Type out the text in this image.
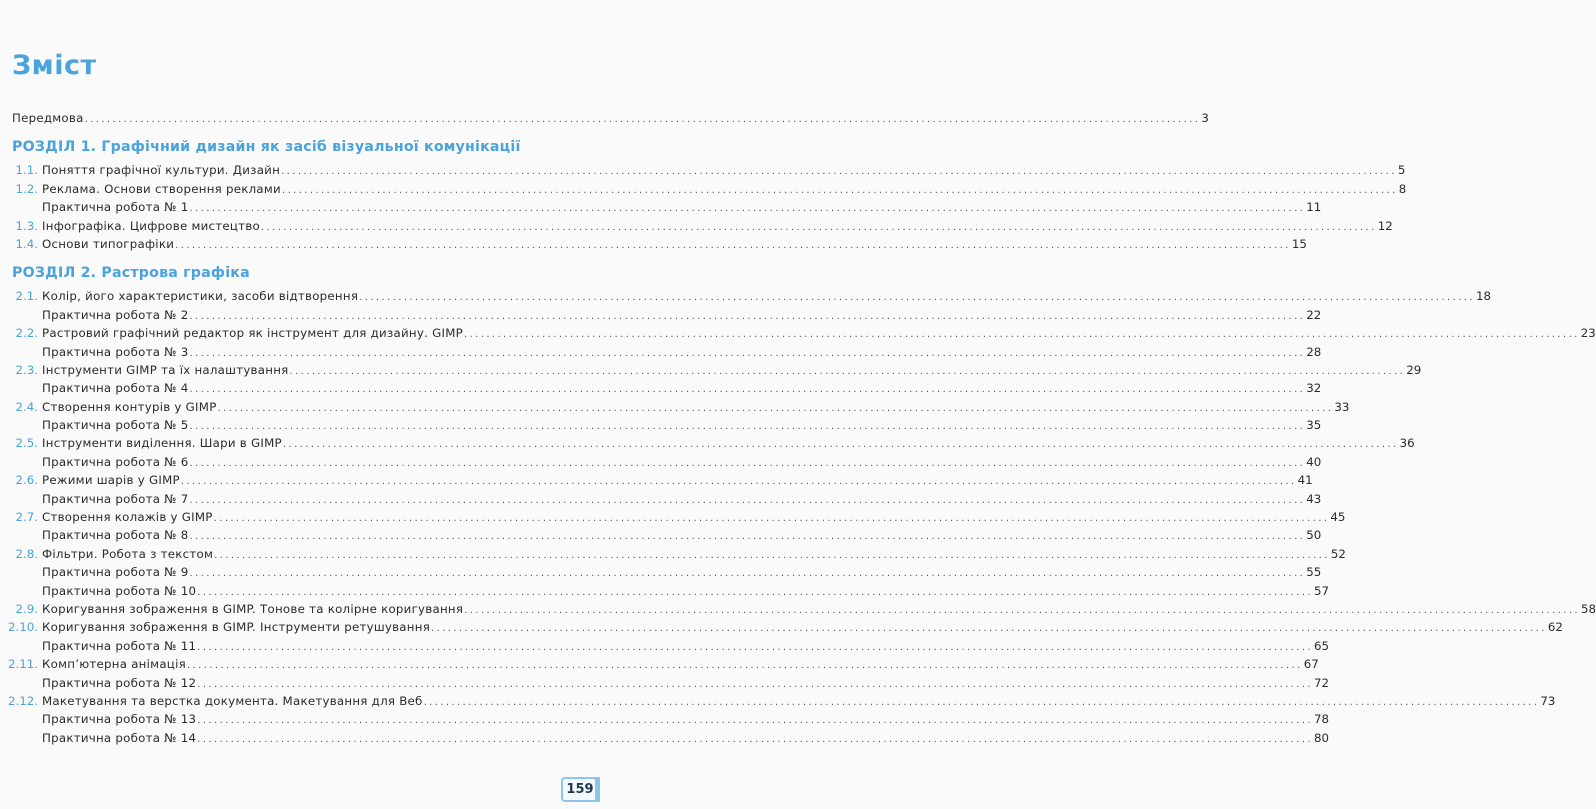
Зміст
Передмова ........................................................................................................................................................................................................ 3
РОЗДІЛ 1. Графічний дизайн як засіб візуальної комунікації
1.1. Поняття графічної культури. Дизайн ........................................................................................................................................................................................................ 5
1.2. Реклама. Основи створення реклами ........................................................................................................................................................................................................ 8
Практична робота № 1 ........................................................................................................................................................................................................ 11
1.3. Інфографіка. Цифрове мистецтво ........................................................................................................................................................................................................ 12
1.4. Основи типографіки ........................................................................................................................................................................................................ 15
РОЗДІЛ 2. Растрова графіка
2.1. Колір, його характеристики, засоби відтворення ........................................................................................................................................................................................................ 18
Практична робота № 2 ........................................................................................................................................................................................................ 22
2.2. Растровий графічний редактор як інструмент для дизайну. GIMP ........................................................................................................................................................................................................ 23
Практична робота № 3 ........................................................................................................................................................................................................ 28
2.3. Інструменти GIMP та їх налаштування ........................................................................................................................................................................................................ 29
Практична робота № 4 ........................................................................................................................................................................................................ 32
2.4. Створення контурів у GIMP ........................................................................................................................................................................................................ 33
Практична робота № 5 ........................................................................................................................................................................................................ 35
2.5. Інструменти виділення. Шари в GIMP ........................................................................................................................................................................................................ 36
Практична робота № 6 ........................................................................................................................................................................................................ 40
2.6. Режими шарів у GIMP ........................................................................................................................................................................................................ 41
Практична робота № 7 ........................................................................................................................................................................................................ 43
2.7. Створення колажів у GIMP ........................................................................................................................................................................................................ 45
Практична робота № 8 ........................................................................................................................................................................................................ 50
2.8. Фільтри. Робота з текстом ........................................................................................................................................................................................................ 52
Практична робота № 9 ........................................................................................................................................................................................................ 55
Практична робота № 10 ........................................................................................................................................................................................................ 57
2.9. Коригування зображення в GIMP. Тонове та колірне коригування ........................................................................................................................................................................................................ 58
2.10. Коригування зображення в GIMP. Інструменти ретушування ........................................................................................................................................................................................................ 62
Практична робота № 11 ........................................................................................................................................................................................................ 65
2.11. Комп’ютерна анімація ........................................................................................................................................................................................................ 67
Практична робота № 12 ........................................................................................................................................................................................................ 72
2.12. Макетування та верстка документа. Макетування для Веб ........................................................................................................................................................................................................ 73
Практична робота № 13 ........................................................................................................................................................................................................ 78
Практична робота № 14 ........................................................................................................................................................................................................ 80
159
